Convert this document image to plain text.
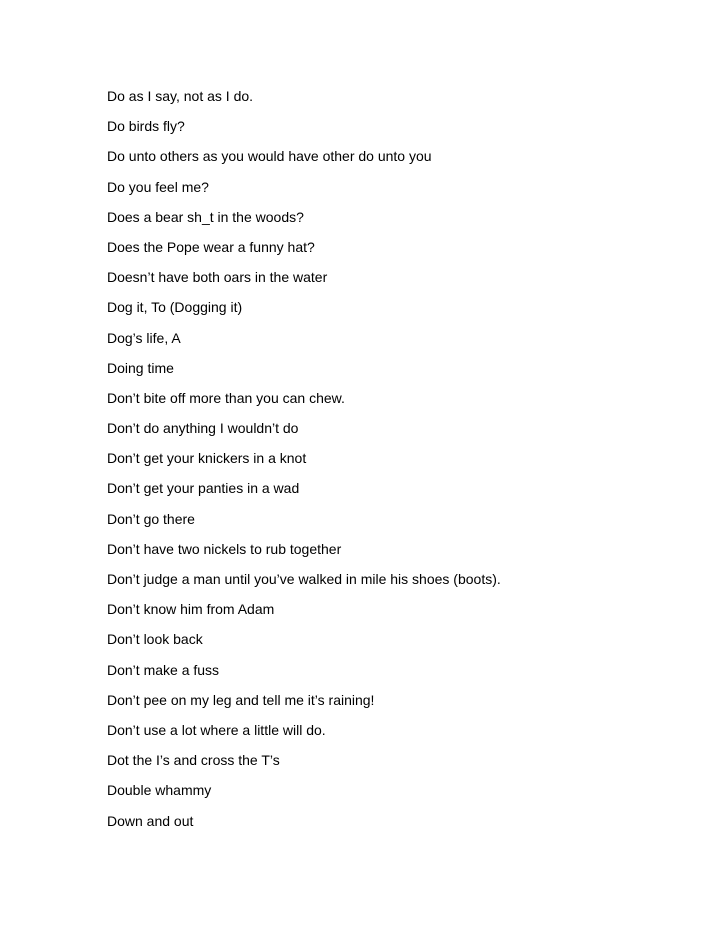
Do as I say, not as I do.
Do birds fly?
Do unto others as you would have other do unto you
Do you feel me?
Does a bear sh_t in the woods?
Does the Pope wear a funny hat?
Doesn’t have both oars in the water
Dog it, To (Dogging it)
Dog’s life, A
Doing time
Don’t bite off more than you can chew.
Don’t do anything I wouldn’t do
Don’t get your knickers in a knot
Don’t get your panties in a wad
Don’t go there
Don’t have two nickels to rub together
Don’t judge a man until you’ve walked in mile his shoes (boots).
Don’t know him from Adam
Don’t look back
Don’t make a fuss
Don’t pee on my leg and tell me it’s raining!
Don’t use a lot where a little will do.
Dot the I’s and cross the T’s
Double whammy
Down and out
